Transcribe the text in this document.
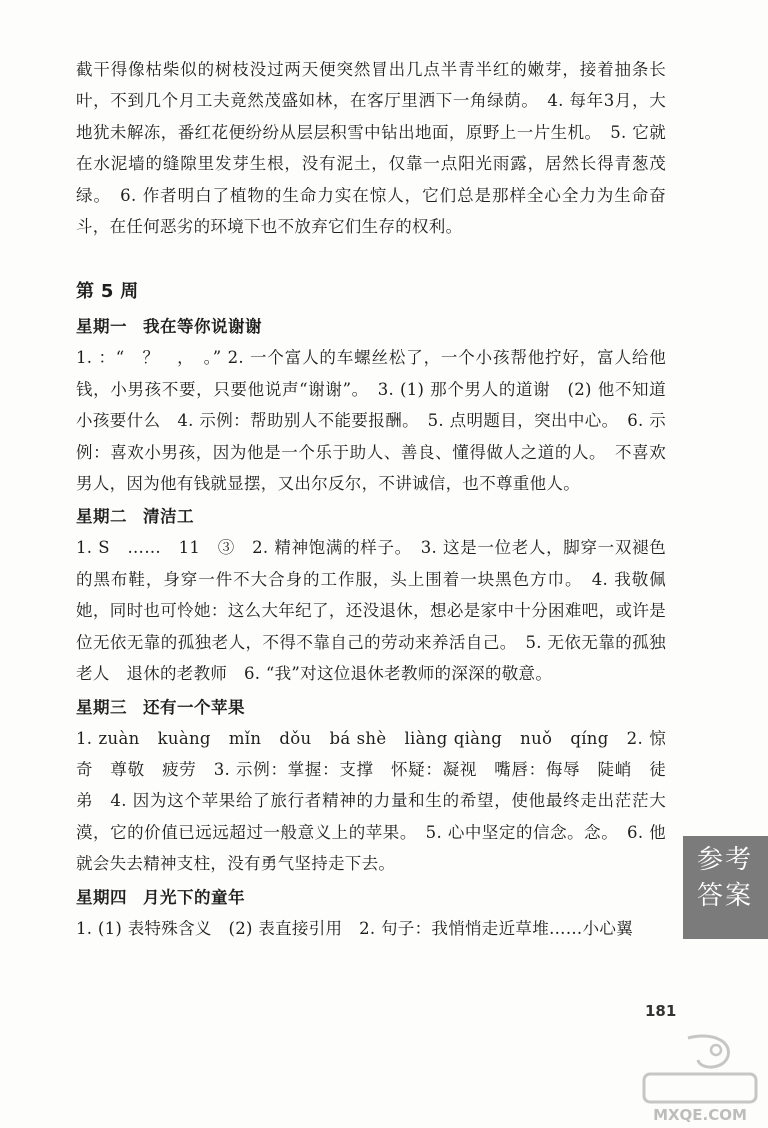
截干得像枯柴似的树枝没过两天便突然冒出几点半青半红的嫩芽，接着抽条长叶，不到几个月工夫竟然茂盛如林，在客厅里洒下一角绿荫。　4. 每年3月，大地犹未解冻，番红花便纷纷从层层积雪中钻出地面，原野上一片生机。　5. 它就在水泥墙的缝隙里发芽生根，没有泥土，仅靠一点阳光雨露，居然长得青葱茂绿。　6. 作者明白了植物的生命力实在惊人，它们总是那样全心全力为生命奋斗，在任何恶劣的环境下也不放弃它们生存的权利。

第 5 周
星期一 我在等你说谢谢

1. ：“　？　，　。” 2. 一个富人的车螺丝松了，一个小孩帮他拧好，富人给他钱，小男孩不要，只要他说声“谢谢”。　3. (1) 那个男人的道谢　(2) 他不知道小孩要什么　4. 示例：帮助别人不能要报酬。　5. 点明题目，突出中心。　6. 示例：喜欢小男孩，因为他是一个乐于助人、善良、懂得做人之道的人。　不喜欢男人，因为他有钱就显摆，又出尔反尔，不讲诚信，也不尊重他人。

星期二 清洁工

1. S　……　11　③　2. 精神饱满的样子。　3. 这是一位老人，脚穿一双褪色的黑布鞋，身穿一件不大合身的工作服，头上围着一块黑色方巾。　4. 我敬佩她，同时也可怜她：这么大年纪了，还没退休，想必是家中十分困难吧，或许是位无依无靠的孤独老人，不得不靠自己的劳动来养活自己。　5. 无依无靠的孤独老人　退休的老教师　6. “我”对这位退休老教师的深深的敬意。

星期三 还有一个苹果

1. zuàn　kuàng　mǐn　dǒu　bá shè　liàng qiàng　nuǒ　qíng　2. 惊奇　尊敬　疲劳　3. 示例：掌握：支撑　怀疑：凝视　嘴唇：侮辱　陡峭　徒弟　4. 因为这个苹果给了旅行者精神的力量和生的希望，使他最终走出茫茫大漠，它的价值已远远超过一般意义上的苹果。　5. 心中坚定的信念。念。　6. 他就会失去精神支柱，没有勇气坚持走下去。

星期四 月光下的童年

1. (1) 表特殊含义　(2) 表直接引用　2. 句子：我悄悄走近草堆……小心翼

参考
答案
181
MXQE.COM
